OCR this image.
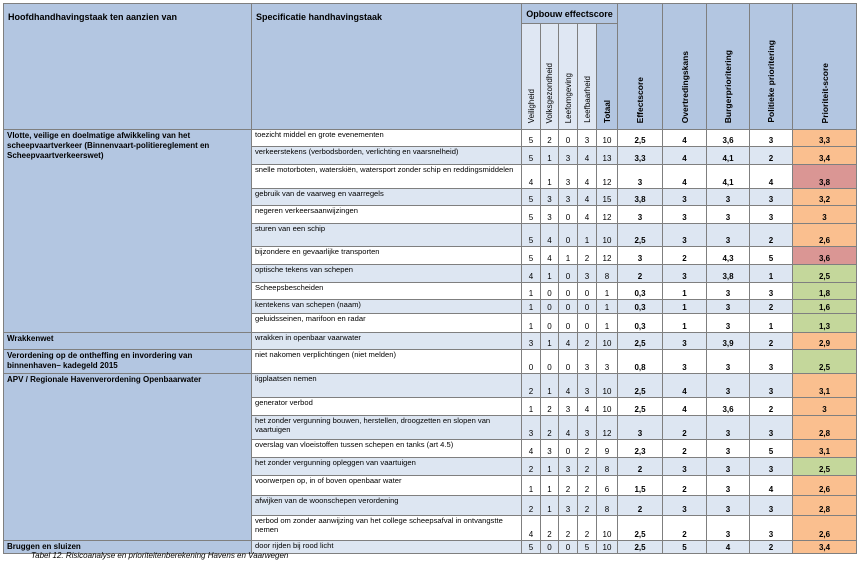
Hoofdhandhavingstaak ten aanzien van	Specificatie handhavingstaak	Opbouw effectscore					Effectscore	Overtredingskans	Burgerprioritering	Politieke prioritering	Prioriteit-score
		Veiligheid	Volksgezondheid	Leefomgeving	Leefbaarheid	Totaal					
Vlotte, veilige en doelmatige afwikkeling van het scheepvaartverkeer (Binnenvaart-politiereglement en Scheepvaartverkeerswet)	toezicht middel en grote evenementen	5	2	0	3	10	2,5	4	3,6	3	3,3
	verkeerstekens (verbodsborden, verlichting en vaarsnelheid)	5	1	3	4	13	3,3	4	4,1	2	3,4
	snelle motorboten, waterskiën, watersport zonder schip en reddingsmiddelen	4	1	3	4	12	3	4	4,1	4	3,8
	gebruik van de vaarweg en vaarregels	5	3	3	4	15	3,8	3	3	3	3,2
	negeren verkeersaanwijzingen	5	3	0	4	12	3	3	3	3	3
	sturen van een schip	5	4	0	1	10	2,5	3	3	2	2,6
	bijzondere en gevaarlijke transporten	5	4	1	2	12	3	2	4,3	5	3,6
	optische tekens van schepen	4	1	0	3	8	2	3	3,8	1	2,5
	Scheepsbescheiden	1	0	0	0	1	0,3	1	3	3	1,8
	kentekens van schepen (naam)	1	0	0	0	1	0,3	1	3	2	1,6
	geluidsseinen, marifoon en radar	1	0	0	0	1	0,3	1	3	1	1,3
Wrakkenwet	wrakken in openbaar vaarwater	3	1	4	2	10	2,5	3	3,9	2	2,9
Verordening op de ontheffing en invordering van binnenhaven– kadegeld 2015	niet nakomen verplichtingen (niet melden)	0	0	0	3	3	0,8	3	3	3	2,5
APV / Regionale Havenverordening Openbaarwater	ligplaatsen nemen	2	1	4	3	10	2,5	4	3	3	3,1
	generator verbod	1	2	3	4	10	2,5	4	3,6	2	3
	het zonder vergunning bouwen, herstellen, droogzetten en slopen van vaartuigen	3	2	4	3	12	3	2	3	3	2,8
	overslag van vloeistoffen tussen schepen en tanks (art 4.5)	4	3	0	2	9	2,3	2	3	5	3,1
	het zonder vergunning opleggen van vaartuigen	2	1	3	2	8	2	3	3	3	2,5
	voorwerpen op, in of boven openbaar water	1	1	2	2	6	1,5	2	3	4	2,6
	afwijken van de woonschepen verordening	2	1	3	2	8	2	3	3	3	2,8
	verbod om zonder aanwijzing van het college scheepsafval in ontvangstte nemen	4	2	2	2	10	2,5	2	3	3	2,6
Bruggen en sluizen	door rijden bij rood licht	5	0	0	5	10	2,5	5	4	2	3,4
Tabel 12. Risicoanalyse en prioriteitenberekening Havens en Vaarwegen
